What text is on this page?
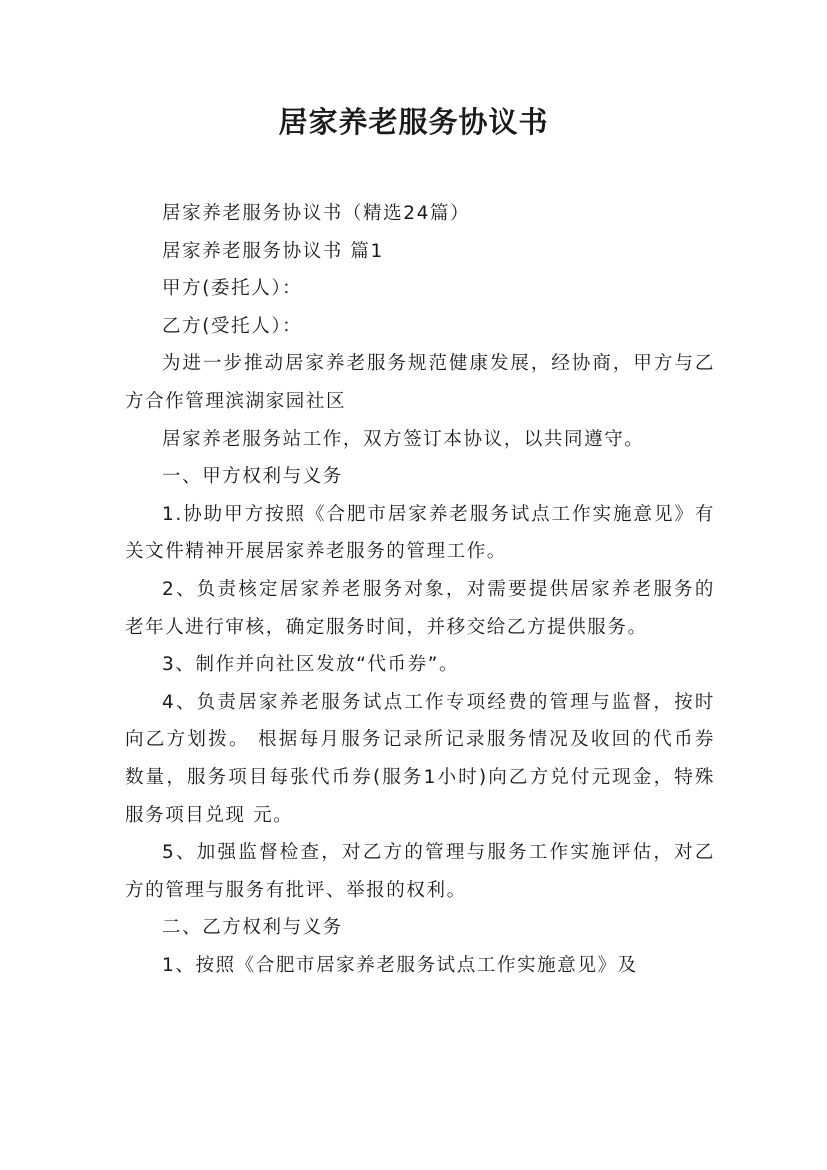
居家养老服务协议书

居家养老服务协议书（精选24篇）

居家养老服务协议书 篇1

甲方(委托人）：

乙方(受托人）：

为进一步推动居家养老服务规范健康发展，经协商，甲方与乙方合作管理滨湖家园社区

居家养老服务站工作，双方签订本协议，以共同遵守。

一、甲方权利与义务

1.协助甲方按照《合肥市居家养老服务试点工作实施意见》有关文件精神开展居家养老服务的管理工作。

2、负责核定居家养老服务对象，对需要提供居家养老服务的老年人进行审核，确定服务时间，并移交给乙方提供服务。

3、制作并向社区发放“代币券”。

4、负责居家养老服务试点工作专项经费的管理与监督，按时向乙方划拨。 根据每月服务记录所记录服务情况及收回的代币券数量，服务项目每张代币券(服务1小时)向乙方兑付元现金，特殊服务项目兑现 元。

5、加强监督检查，对乙方的管理与服务工作实施评估，对乙方的管理与服务有批评、举报的权利。

二、乙方权利与义务

1、按照《合肥市居家养老服务试点工作实施意见》及
